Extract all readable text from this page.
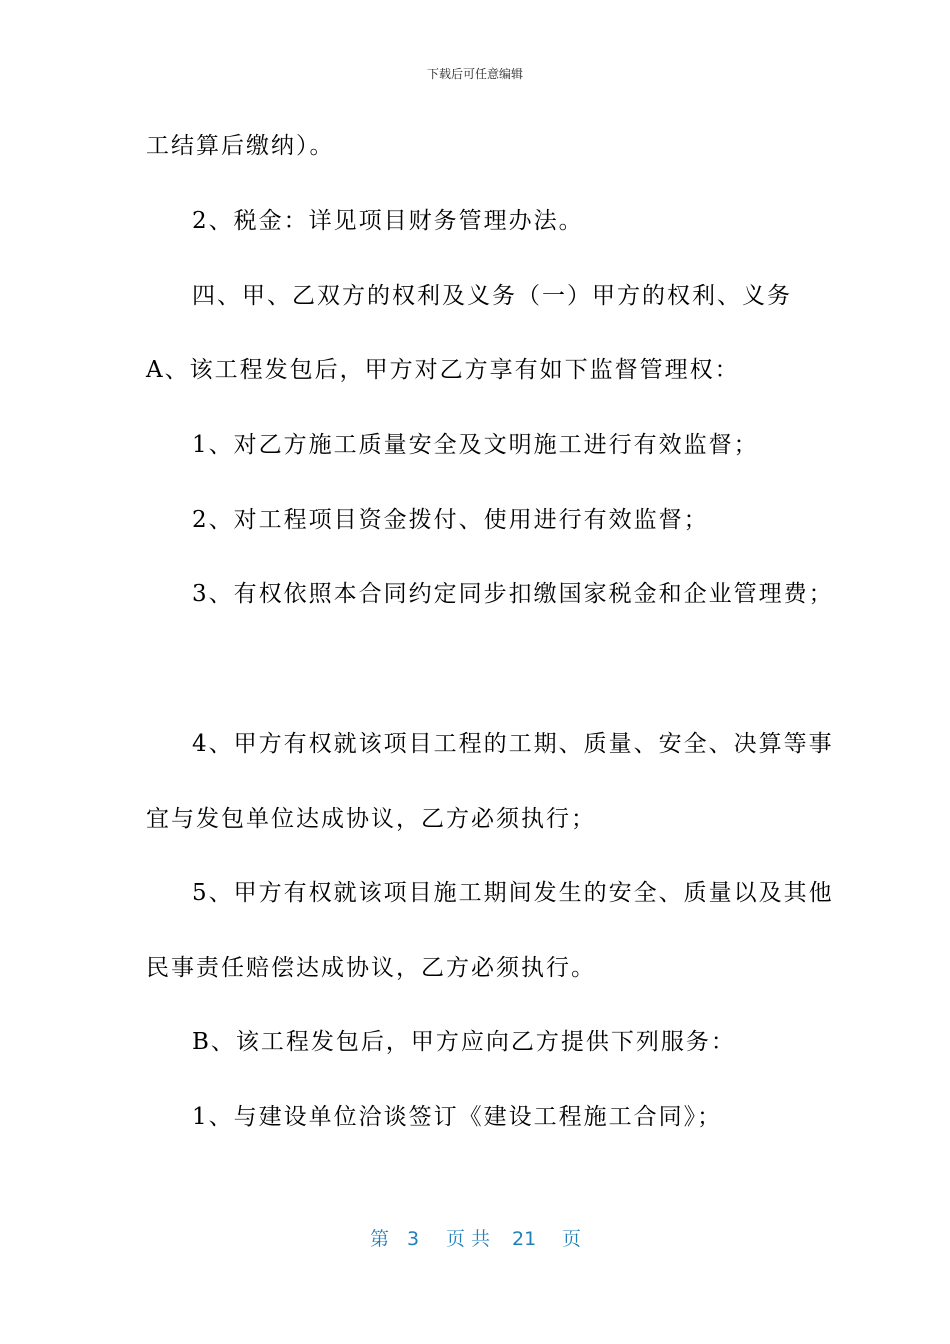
下载后可任意编辑
工结算后缴纳）。
2、税金：详见项目财务管理办法。
四、甲、乙双方的权利及义务（一）甲方的权利、义务
A、该工程发包后，甲方对乙方享有如下监督管理权：
1、对乙方施工质量安全及文明施工进行有效监督；
2、对工程项目资金拨付、使用进行有效监督；
3、有权依照本合同约定同步扣缴国家税金和企业管理费；
4、甲方有权就该项目工程的工期、质量、安全、决算等事
宜与发包单位达成协议，乙方必须执行；
5、甲方有权就该项目施工期间发生的安全、质量以及其他
民事责任赔偿达成协议，乙方必须执行。
B、该工程发包后，甲方应向乙方提供下列服务：
1、与建设单位洽谈签订《建设工程施工合同》；
第 3 页 共 21 页
